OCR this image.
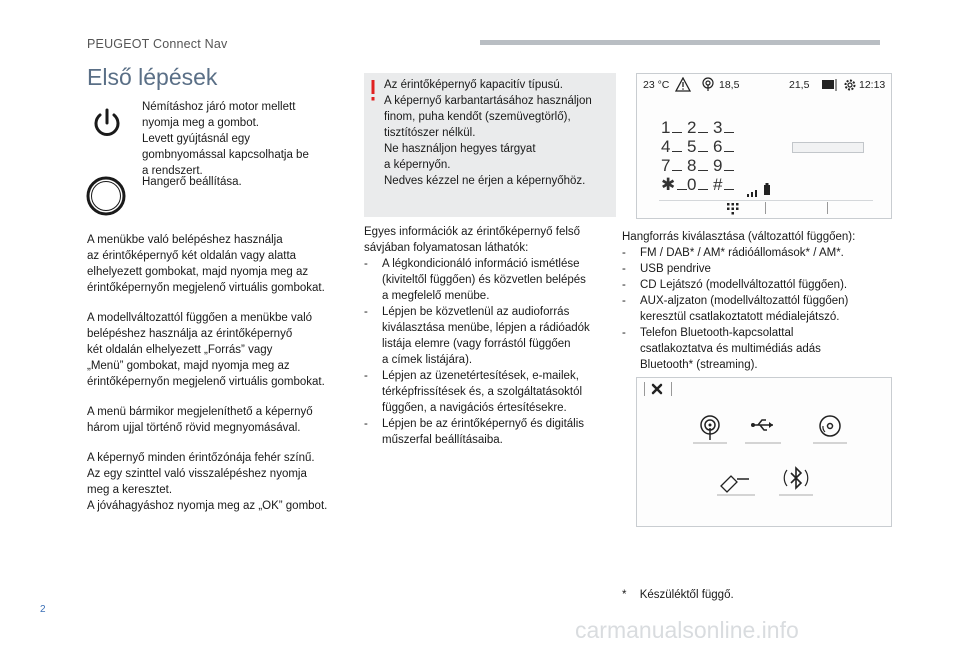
PEUGEOT Connect Nav
Első lépések
Némításhoz járó motor mellett
nyomja meg a gombot.
Levett gyújtásnál egy
gombnyomással kapcsolhatja be
a rendszert.
Hangerő beállítása.

A menükbe való belépéshez használja
az érintőképernyő két oldalán vagy alatta
elhelyezett gombokat, majd nyomja meg az
érintőképernyőn megjelenő virtuális gombokat.

A modellváltozattól függően a menükbe való
belépéshez használja az érintőképernyő
két oldalán elhelyezett „Forrás” vagy
„Menü” gombokat, majd nyomja meg az
érintőképernyőn megjelenő virtuális gombokat.

A menü bármikor megjeleníthető a képernyő
három ujjal történő rövid megnyomásával.

A képernyő minden érintőzónája fehér színű.
Az egy szinttel való visszalépéshez nyomja
meg a keresztet.
A jóváhagyáshoz nyomja meg az „OK” gombot.

Az érintőképernyő kapacitív típusú.
A képernyő karbantartásához használjon
finom, puha kendőt (szemüvegtörlő),
tisztítószer nélkül.
Ne használjon hegyes tárgyat
a képernyőn.
Nedves kézzel ne érjen a képernyőhöz.
Egyes információk az érintőképernyő felső
sávjában folyamatosan láthatók:
- A légkondicionáló információ ismétlése
(kiviteltől függően) és közvetlen belépés
a megfelelő menübe.
- Lépjen be közvetlenül az audioforrás
kiválasztása menübe, lépjen a rádióadók
listája elemre (vagy forrástól függően
a címek listájára).
- Lépjen az üzenetértesítések, e-mailek,
térképfrissítések és, a szolgáltatásoktól
függően, a navigációs értesítésekre.
- Lépjen be az érintőképernyő és digitális
műszerfal beállításaiba.
23 °C	18,5	21,5	12:13
1 2 3
4 5 6
7 8 9
✱ 0 #
Hangforrás kiválasztása (változattól függően):
- FM / DAB* / AM* rádióállomások* / AM*.
- USB pendrive
- CD Lejátszó (modellváltozattól függően).
- AUX-aljzaton (modellváltozattól függően)
keresztül csatlakoztatott médialejátszó.
- Telefon Bluetooth-kapcsolattal
csatlakoztatva és multimédiás adás
Bluetooth* (streaming).
* Készüléktől függő.
2
carmanualsonline.info
